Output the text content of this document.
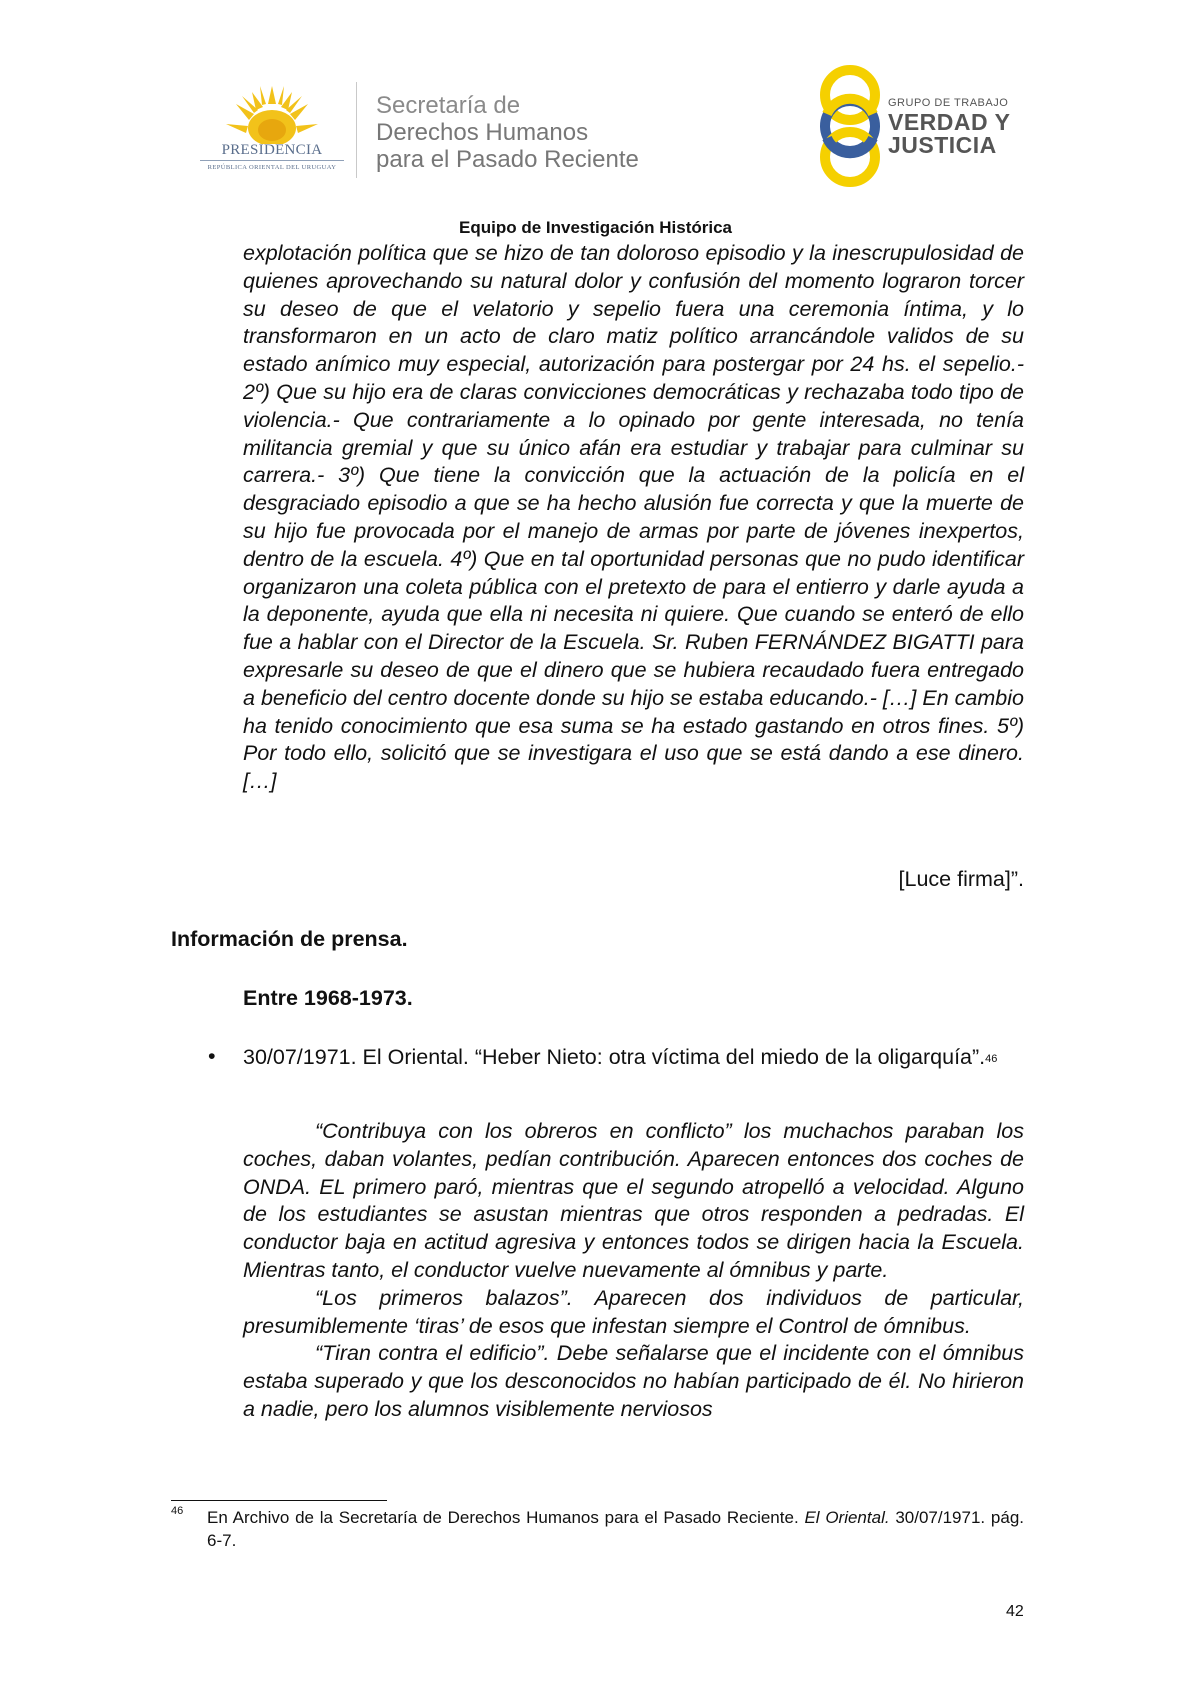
PRESIDENCIA
REPÚBLICA ORIENTAL DEL URUGUAY
Secretaría de
Derechos Humanos
para el Pasado Reciente
GRUPO DE TRABAJO
VERDAD Y
JUSTICIA
Equipo de Investigación Histórica

explotación política que se hizo de tan doloroso episodio y la inescrupulosidad de quienes aprovechando su natural dolor y confusión del momento lograron torcer su deseo de que el velatorio y sepelio fuera una ceremonia íntima, y lo transformaron en un acto de claro matiz político arrancándole validos de su estado anímico muy especial, autorización para postergar por 24 hs. el sepelio.- 2º) Que su hijo era de claras convicciones democráticas y rechazaba todo tipo de violencia.- Que contrariamente a lo opinado por gente interesada, no tenía militancia gremial y que su único afán era estudiar y trabajar para culminar su carrera.- 3º) Que tiene la convicción que la actuación de la policía en el desgraciado episodio a que se ha hecho alusión fue correcta y que la muerte de su hijo fue provocada por el manejo de armas por parte de jóvenes inexpertos, dentro de la escuela. 4º) Que en tal oportunidad personas que no pudo identificar organizaron una coleta pública con el pretexto de para el entierro y darle ayuda a la deponente, ayuda que ella ni necesita ni quiere. Que cuando se enteró de ello fue a hablar con el Director de la Escuela. Sr. Ruben FERNÁNDEZ BIGATTI para expresarle su deseo de que el dinero que se hubiera recaudado fuera entregado a beneficio del centro docente donde su hijo se estaba educando.- […] En cambio ha tenido conocimiento que esa suma se ha estado gastando en otros fines. 5º) Por todo ello, solicitó que se investigara el uso que se está dando a ese dinero.[…]

[Luce firma]”.
Información de prensa.
Entre 1968-1973.
• 30/07/1971. El Oriental. “Heber Nieto: otra víctima del miedo de la oligarquía”.$^{46}$

“Contribuya con los obreros en conflicto” los muchachos paraban los coches, daban volantes, pedían contribución. Aparecen entonces dos coches de ONDA. EL primero paró, mientras que el segundo atropelló a velocidad. Alguno de los estudiantes se asustan mientras que otros responden a pedradas. El conductor baja en actitud agresiva y entonces todos se dirigen hacia la Escuela. Mientras tanto, el conductor vuelve nuevamente al ómnibus y parte.

“Los primeros balazos”. Aparecen dos individuos de particular, presumiblemente ‘tiras’ de esos que infestan siempre el Control de ómnibus.

“Tiran contra el edificio”. Debe señalarse que el incidente con el ómnibus estaba superado y que los desconocidos no habían participado de él. No hirieron a nadie, pero los alumnos visiblemente nerviosos

46 En Archivo de la Secretaría de Derechos Humanos para el Pasado Reciente. El Oriental. 30/07/1971. pág. 6-7.
42
